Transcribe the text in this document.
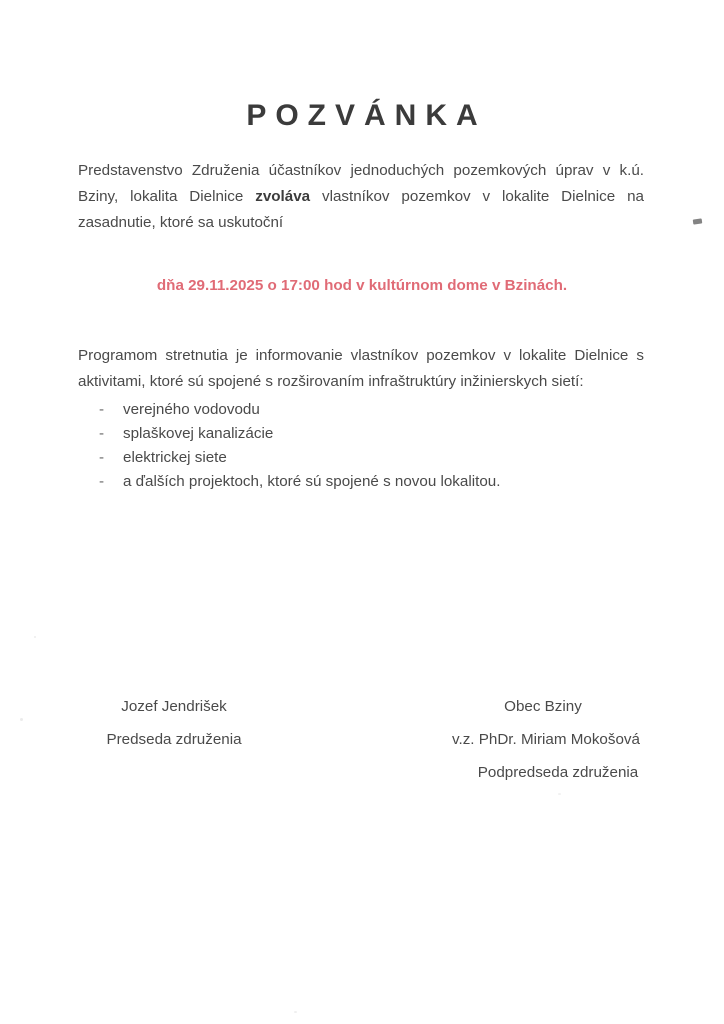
POZVÁNKA

Predstavenstvo Združenia účastníkov jednoduchých pozemkových úprav v k.ú. Bziny, lokalita Dielnice zvoláva vlastníkov pozemkov v lokalite Dielnice na zasadnutie, ktoré sa uskutoční

dňa 29.11.2025 o 17:00 hod v kultúrnom dome v Bzinách.

Programom stretnutia je informovanie vlastníkov pozemkov v lokalite Dielnice s aktivitami, ktoré sú spojené s rozširovaním infraštruktúry inžinierskych sietí:

- verejného vodovodu
- splaškovej kanalizácie
- elektrickej siete
- a ďalších projektoch, ktoré sú spojené s novou lokalitou.
Jozef Jendrišek
Predseda združenia
Obec Bziny
v.z. PhDr. Miriam Mokošová
Podpredseda združenia
